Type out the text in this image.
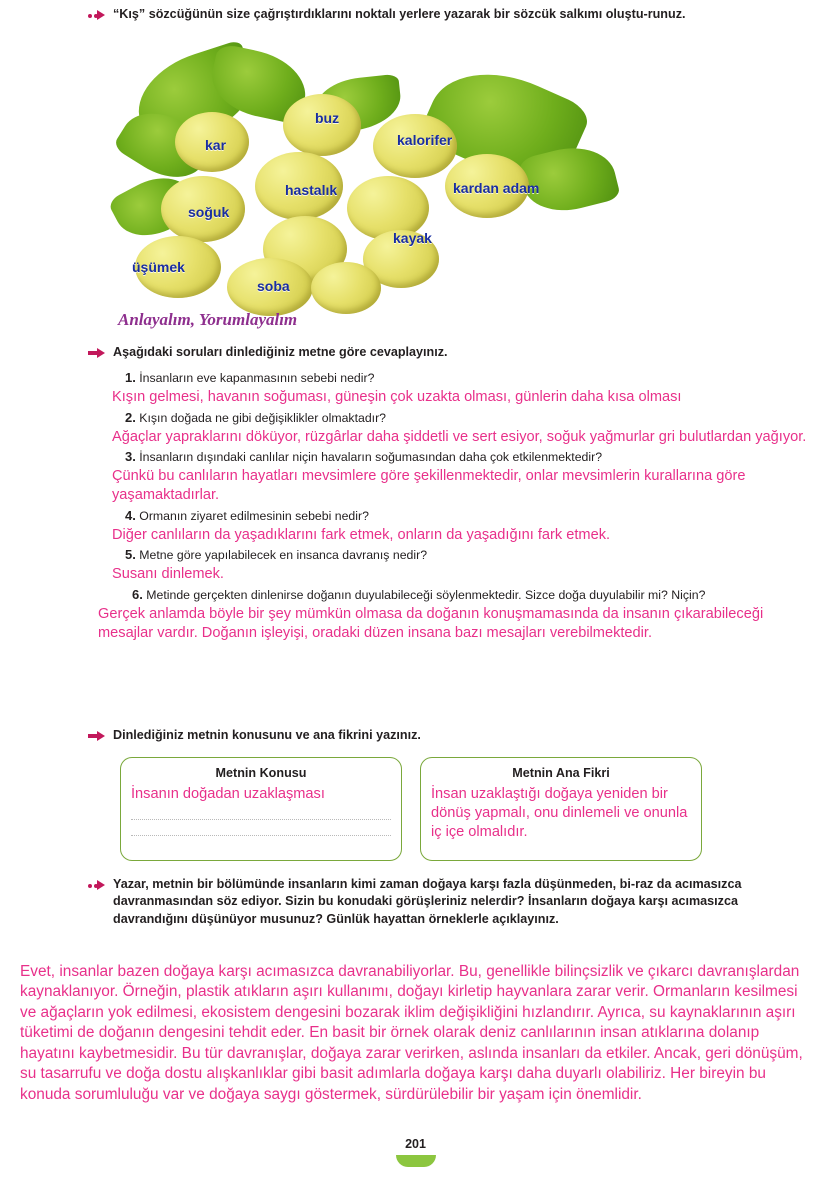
“Kış” sözcüğünün size çağrıştırdıklarını noktalı yerlere yazarak bir sözcük salkımı oluştu-runuz.
buz
kalorifer
kar
hastalık	kardan adam
soğuk
kayak
üşümek
soba
Anlayalım, Yorumlayalım
Aşağıdaki soruları dinlediğiniz metne göre cevaplayınız.
1. İnsanların eve kapanmasının sebebi nedir?
Kışın gelmesi, havanın soğuması, güneşin çok uzakta olması, günlerin daha kısa olması
2. Kışın doğada ne gibi değişiklikler olmaktadır?
Ağaçlar yapraklarını döküyor, rüzgârlar daha şiddetli ve sert esiyor, soğuk yağmurlar gri bulutlardan yağıyor.
3. İnsanların dışındaki canlılar niçin havaların soğumasından daha çok etkilenmektedir?
Çünkü bu canlıların hayatları mevsimlere göre şekillenmektedir, onlar mevsimlerin kurallarına göre yaşamaktadırlar.
4. Ormanın ziyaret edilmesinin sebebi nedir?
Diğer canlıların da yaşadıklarını fark etmek, onların da yaşadığını fark etmek.
5. Metne göre yapılabilecek en insanca davranış nedir?
Susanı dinlemek.
6. Metinde gerçekten dinlenirse doğanın duyulabileceği söylenmektedir. Sizce doğa duyulabilir mi? Niçin?
Gerçek anlamda böyle bir şey mümkün olmasa da doğanın konuşmamasında da insanın çıkarabileceği mesajlar vardır. Doğanın işleyişi, oradaki düzen insana bazı mesajları verebilmektedir.
Dinlediğiniz metnin konusunu ve ana fikrini yazınız.
Metnin Konusu
İnsanın doğadan uzaklaşması
Metnin Ana Fikri
İnsan uzaklaştığı doğaya yeniden bir dönüş yapmalı, onu dinlemeli ve onunla iç içe olmalıdır.
Yazar, metnin bir bölümünde insanların kimi zaman doğaya karşı fazla düşünmeden, bi-raz da acımasızca davranmasından söz ediyor. Sizin bu konudaki görüşleriniz nelerdir? İnsanların doğaya karşı acımasızca davrandığını düşünüyor musunuz? Günlük hayattan örneklerle açıklayınız.
Evet, insanlar bazen doğaya karşı acımasızca davranabiliyorlar. Bu, genellikle bilinçsizlik ve çıkarcı davranışlardan kaynaklanıyor. Örneğin, plastik atıkların aşırı kullanımı, doğayı kirletip hayvanlara zarar verir. Ormanların kesilmesi ve ağaçların yok edilmesi, ekosistem dengesini bozarak iklim değişikliğini hızlandırır. Ayrıca, su kaynaklarının aşırı tüketimi de doğanın dengesini tehdit eder. En basit bir örnek olarak deniz canlılarının insan atıklarına dolanıp hayatını kaybetmesidir. Bu tür davranışlar, doğaya zarar verirken, aslında insanları da etkiler. Ancak, geri dönüşüm, su tasarrufu ve doğa dostu alışkanlıklar gibi basit adımlarla doğaya karşı daha duyarlı olabiliriz. Her bireyin bu konuda sorumluluğu var ve doğaya saygı göstermek, sürdürülebilir bir yaşam için önemlidir.
201
